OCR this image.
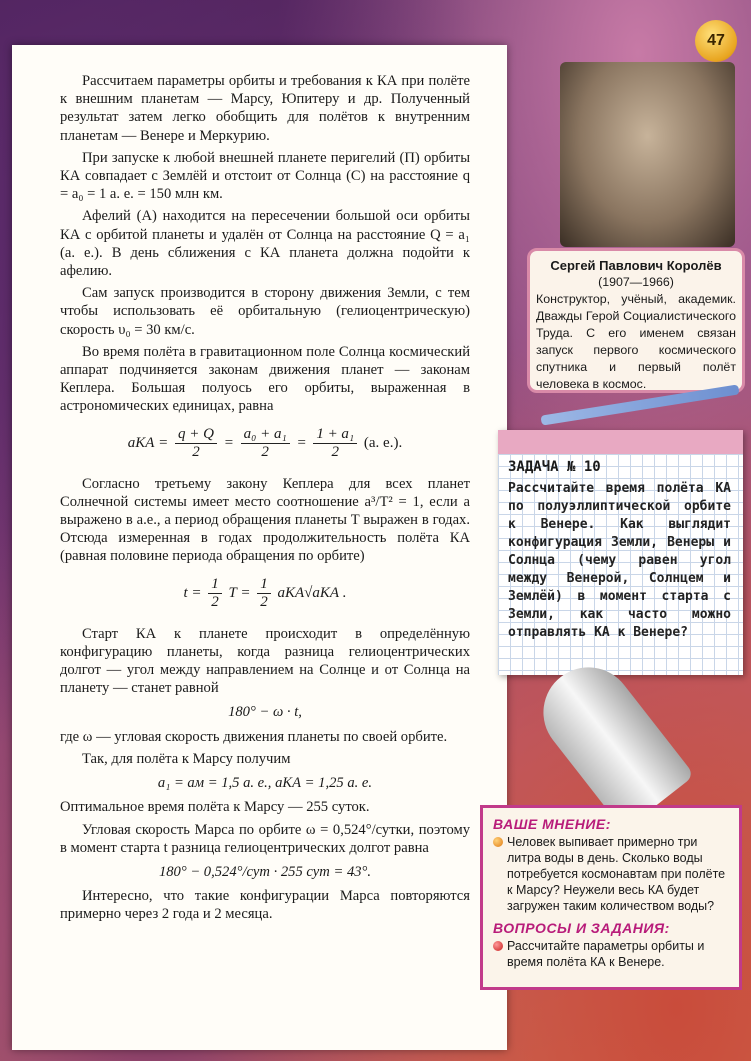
Рассчитаем параметры орбиты и требования к КА при полёте к внешним планетам — Марсу, Юпитеру и др. Полученный результат затем легко обобщить для полётов к внутренним планетам — Венере и Меркурию.

При запуске к любой внешней планете перигелий (П) орбиты КА совпадает с Землёй и отстоит от Солнца (С) на расстояние q = a₀ = 1 а. е. = 150 млн км.

Афелий (А) находится на пересечении большой оси орбиты КА с орбитой планеты и удалён от Солнца на расстояние Q = a₁ (а. е.). В день сближения с КА планета должна подойти к афелию.

Сам запуск производится в сторону движения Земли, с тем чтобы использовать её орбитальную (гелиоцентрическую) скорость υ₀ = 30 км/с.

Во время полёта в гравитационном поле Солнца космический аппарат подчиняется законам движения планет — законам Кеплера. Большая полуось его орбиты, выраженная в астрономических единицах, равна

aКА = $\frac{q + Q}{2} = \frac{\text{a₀ + a₁}}{2} = \frac{\text{1 + a₁}}{2} (а$. е.).

Согласно третьему закону Кеплера для всех планет Солнечной системы имеет место соотношение a³/T² = 1, если a выражено в а.е., а период обращения планеты T выражен в годах. Отсюда измеренная в годах продолжительность полёта КА (равная половине периода обращения по орбите)

$t = \frac{1}{2}$ $T = \frac{1}{2} aКА√aКА$ .

Старт КА к планете происходит в определённую конфигурацию планеты, когда разница гелиоцентрических долгот — угол между направлением на Солнце и от Солнца на планету — станет равной

180° − ω · t,

где ω — угловая скорость движения планеты по своей орбите.

Так, для полёта к Марсу получим

a₁ = aм = 1,5 а. е., aКА = 1,25 а. е.

Оптимальное время полёта к Марсу — 255 суток.

Угловая скорость Марса по орбите ω = 0,524°/сутки, поэтому в момент старта t разница гелиоцентрических долгот равна

180° − 0,524°/сут · 255 сут = 43°.

Интересно, что такие конфигурации Марса повторяются примерно через 2 года и 2 месяца.

47
Сергей Павлович Королёв
(1907—1966)
Конструктор, учёный, академик. Дважды Герой Социалистического Труда. С его именем связан запуск первого космического спутника и первый полёт человека в космос.
ЗАДАЧА № 10
Рассчитайте время полёта КА по полуэллиптической орбите к Венере. Как выглядит конфигурация Земли, Венеры и Солнца (чему равен угол между Венерой, Солнцем и Землёй) в момент старта с Земли, как часто можно отправлять КА к Венере?
ВАШЕ МНЕНИЕ:
Человек выпивает примерно три литра воды в день. Сколько воды потребуется космонавтам при полёте к Марсу? Неужели весь КА будет загружен таким количеством воды?
ВОПРОСЫ И ЗАДАНИЯ:
Рассчитайте параметры орбиты и время полёта КА к Венере.
